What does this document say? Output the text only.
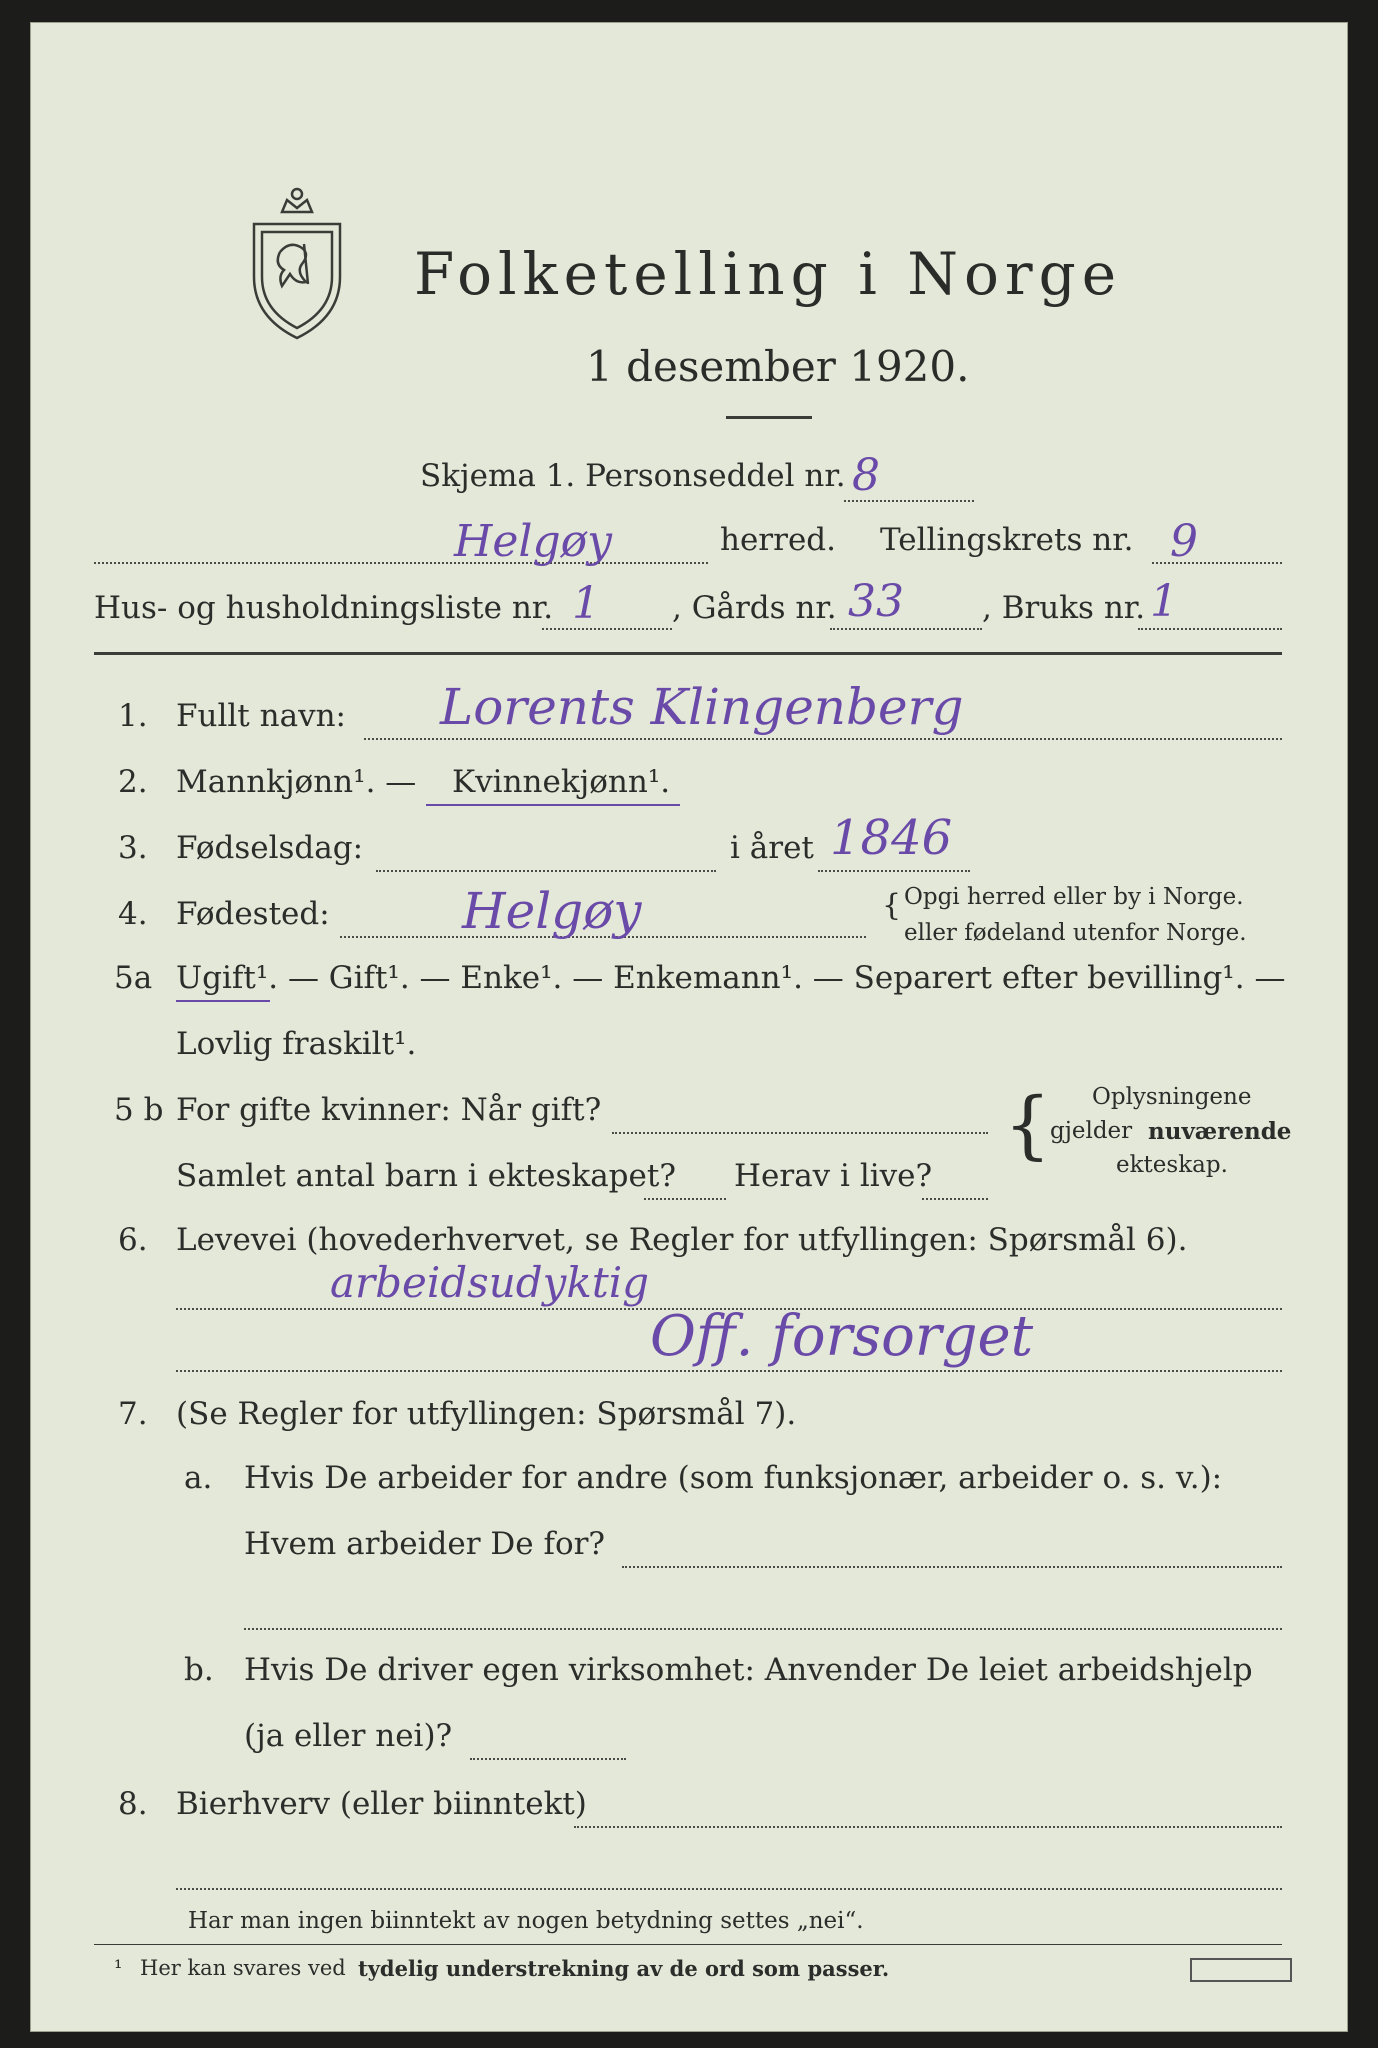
Folketelling i Norge
1 desember 1920.
Skjema 1. Personseddel nr. 8
Helgøy	herred. Tellingskrets nr. 9
Hus- og husholdningsliste nr. 1 , Gårds nr. 33	, Bruks nr. 1
1. Fullt navn: Lorents Klingenberg
2. Mannkjønn¹. — Kvinnekjønn¹.
3. Fødselsdag:	i året 1846
4. Fødested:	Helgøy	{ Opgi herred eller by i Norge.
eller fødeland utenfor Norge.
5a Ugift¹. — Gift¹. — Enke¹. — Enkemann¹. — Separert efter bevilling¹. —
Lovlig fraskilt¹.
5 b For gifte kvinner: Når gift?
Samlet antal barn i ekteskapet? Herav i live?
{ Oplysningene
gjelder nuværende
ekteskap.
6. Levevei (hovederhvervet, se Regler for utfyllingen: Spørsmål 6).
arbeidsudyktig
Off. forsorget
7. (Se Regler for utfyllingen: Spørsmål 7).
a. Hvis De arbeider for andre (som funksjonær, arbeider o. s. v.):
Hvem arbeider De for?
b. Hvis De driver egen virksomhet: Anvender De leiet arbeidshjelp
(ja eller nei)?
8. Bierhverv (eller biinntekt)
Har man ingen biinntekt av nogen betydning settes „nei“.
¹ Her kan svares ved tydelig understrekning av de ord som passer.
